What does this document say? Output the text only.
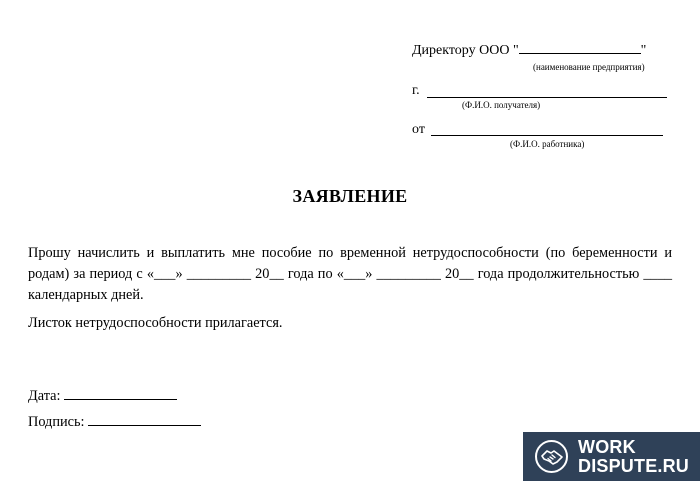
Директору ООО "	"
(наименование предприятия)
г.
(Ф.И.О. получателя)
от
(Ф.И.О. работника)
ЗАЯВЛЕНИЕ

Прошу начислить и выплатить мне пособие по временной нетрудоспособности (по беременности и родам) за период с «___» _________ 20__ года по «___» _________ 20__ года продолжительностью ____ календарных дней.

Листок нетрудоспособности прилагается.

Дата:
Подпись:
WORK
DISPUTE.RU
